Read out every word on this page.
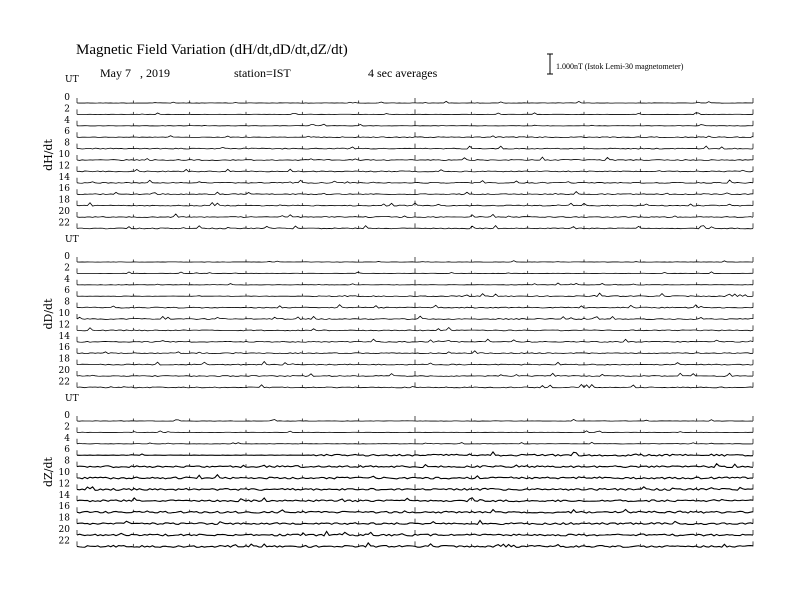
Magnetic Field Variation (dH/dt,dD/dt,dZ/dt)
May 7   , 2019	station=IST	4 sec averages	1.000nT (Istok Lemi-30 magnetometer)
UT
dH/dt
0
2
4
6
8
10
12
14
16
18
20
22
UT
dD/dt
0
2
4
6
8
10
12
14
16
18
20
22
UT
dZ/dt
0
2
4
6
8
10
12
14
16
18
20
22
